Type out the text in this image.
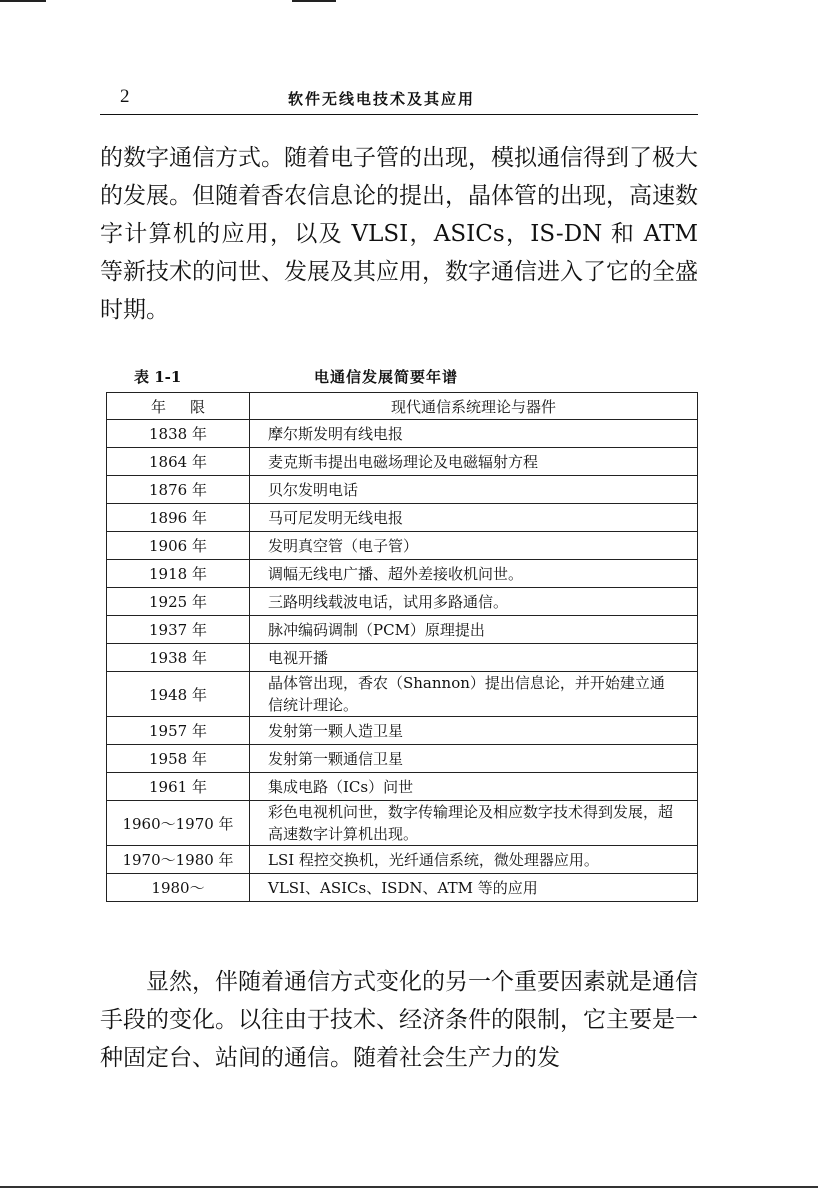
2	软件无线电技术及其应用

的数字通信方式。随着电子管的出现，模拟通信得到了极大的发展。但随着香农信息论的提出，晶体管的出现，高速数字计算机的应用，以及 VLSI，ASICs，IS-DN 和 ATM 等新技术的问世、发展及其应用，数字通信进入了它的全盛时期。

表 1-1	电通信发展简要年谱
年限	现代通信系统理论与器件
1838 年	摩尔斯发明有线电报
1864 年	麦克斯韦提出电磁场理论及电磁辐射方程
1876 年	贝尔发明电话
1896 年	马可尼发明无线电报
1906 年	发明真空管（电子管）
1918 年	调幅无线电广播、超外差接收机问世。
1925 年	三路明线载波电话，试用多路通信。
1937 年	脉冲编码调制（PCM）原理提出
1938 年	电视开播
1948 年	晶体管出现，香农（Shannon）提出信息论，并开始建立通信统计理论。
1957 年	发射第一颗人造卫星
1958 年	发射第一颗通信卫星
1961 年	集成电路（ICs）问世
1960～1970 年	彩色电视机问世，数字传输理论及相应数字技术得到发展，超高速数字计算机出现。
1970～1980 年	LSI 程控交换机，光纤通信系统，微处理器应用。
1980～	VLSI、ASICs、ISDN、ATM 等的应用

显然，伴随着通信方式变化的另一个重要因素就是通信手段的变化。以往由于技术、经济条件的限制，它主要是一种固定台、站间的通信。随着社会生产力的发
